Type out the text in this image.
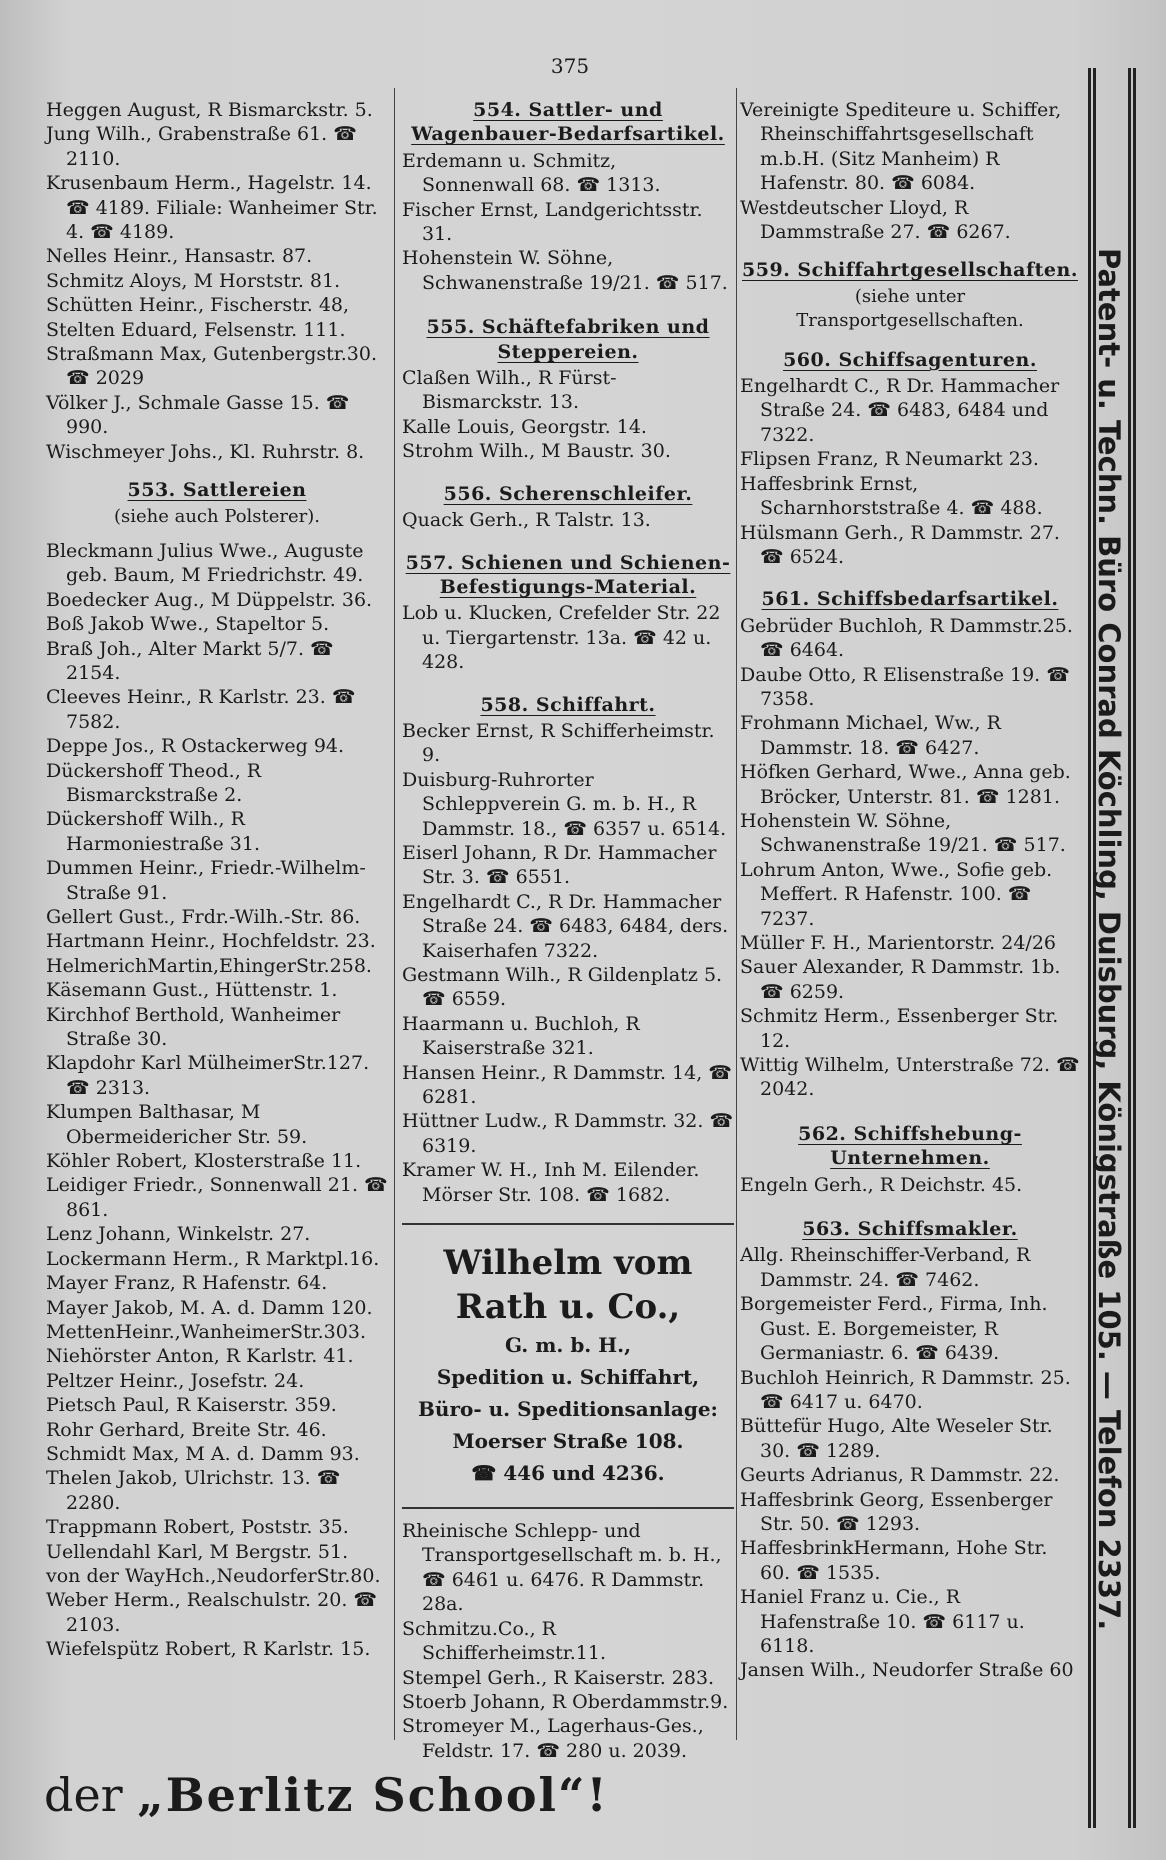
375

Heggen August, R Bismarckstr. 5.

Jung Wilh., Grabenstraße 61. ☎ 2110.

Krusenbaum Herm., Hagelstr. 14. ☎ 4189. Filiale: Wanheimer Str. 4. ☎ 4189.

Nelles Heinr., Hansastr. 87.

Schmitz Aloys, M Horststr. 81.

Schütten Heinr., Fischerstr. 48,

Stelten Eduard, Felsenstr. 111.

Straßmann Max, Gutenbergstr.30. ☎ 2029

Völker J., Schmale Gasse 15. ☎ 990.

Wischmeyer Johs., Kl. Ruhrstr. 8.

553. Sattlereien
(siehe auch Polsterer).

Bleckmann Julius Wwe., Auguste geb. Baum, M Friedrichstr. 49.

Boedecker Aug., M Düppelstr. 36.

Boß Jakob Wwe., Stapeltor 5.

Braß Joh., Alter Markt 5/7. ☎ 2154.

Cleeves Heinr., R Karlstr. 23. ☎ 7582.

Deppe Jos., R Ostackerweg 94.

Dückershoff Theod., R Bismarckstraße 2.

Dückershoff Wilh., R Harmoniestraße 31.

Dummen Heinr., Friedr.-Wilhelm-Straße 91.

Gellert Gust., Frdr.-Wilh.-Str. 86.

Hartmann Heinr., Hochfeldstr. 23.

HelmerichMartin,EhingerStr.258.

Käsemann Gust., Hüttenstr. 1.

Kirchhof Berthold, Wanheimer Straße 30.

Klapdohr Karl MülheimerStr.127. ☎ 2313.

Klumpen Balthasar, M Obermeidericher Str. 59.

Köhler Robert, Klosterstraße 11.

Leidiger Friedr., Sonnenwall 21. ☎ 861.

Lenz Johann, Winkelstr. 27.

Lockermann Herm., R Marktpl.16.

Mayer Franz, R Hafenstr. 64.

Mayer Jakob, M. A. d. Damm 120.

MettenHeinr.,WanheimerStr.303.

Niehörster Anton, R Karlstr. 41.

Peltzer Heinr., Josefstr. 24.

Pietsch Paul, R Kaiserstr. 359.

Rohr Gerhard, Breite Str. 46.

Schmidt Max, M A. d. Damm 93.

Thelen Jakob, Ulrichstr. 13. ☎ 2280.

Trappmann Robert, Poststr. 35.

Uellendahl Karl, M Bergstr. 51.

von der WayHch.,NeudorferStr.80.

Weber Herm., Realschulstr. 20. ☎ 2103.

Wiefelspütz Robert, R Karlstr. 15.

554. Sattler- und Wagenbauer-Bedarfsartikel.

Erdemann u. Schmitz, Sonnenwall 68. ☎ 1313.

Fischer Ernst, Landgerichtsstr. 31.

Hohenstein W. Söhne, Schwanenstraße 19/21. ☎ 517.

555. Schäftefabriken und Steppereien.

Claßen Wilh., R Fürst-Bismarckstr. 13.

Kalle Louis, Georgstr. 14.

Strohm Wilh., M Baustr. 30.

556. Scherenschleifer.

Quack Gerh., R Talstr. 13.

557. Schienen und Schienen-Befestigungs-Material.

Lob u. Klucken, Crefelder Str. 22 u. Tiergartenstr. 13a. ☎ 42 u. 428.

558. Schiffahrt.

Becker Ernst, R Schifferheimstr. 9.

Duisburg-Ruhrorter Schleppverein G. m. b. H., R Dammstr. 18., ☎ 6357 u. 6514.

Eiserl Johann, R Dr. Hammacher Str. 3. ☎ 6551.

Engelhardt C., R Dr. Hammacher Straße 24. ☎ 6483, 6484, ders. Kaiserhafen 7322.

Gestmann Wilh., R Gildenplatz 5. ☎ 6559.

Haarmann u. Buchloh, R Kaiserstraße 321.

Hansen Heinr., R Dammstr. 14, ☎ 6281.

Hüttner Ludw., R Dammstr. 32. ☎ 6319.

Kramer W. H., Inh M. Eilender. Mörser Str. 108. ☎ 1682.

Wilhelm vom Rath u. Co.,
G. m. b. H.,
Spedition u. Schiffahrt,
Büro- u. Speditionsanlage:
Moerser Straße 108.
☎ 446 und 4236.

Rheinische Schlepp- und Transportgesellschaft m. b. H., ☎ 6461 u. 6476. R Dammstr. 28a.

Schmitzu.Co., R Schifferheimstr.11.

Stempel Gerh., R Kaiserstr. 283.

Stoerb Johann, R Oberdammstr.9.

Stromeyer M., Lagerhaus-Ges., Feldstr. 17. ☎ 280 u. 2039.

Vereinigte Spediteure u. Schiffer, Rheinschiffahrtsgesellschaft m.b.H. (Sitz Manheim) R Hafenstr. 80. ☎ 6084.

Westdeutscher Lloyd, R Dammstraße 27. ☎ 6267.

559. Schiffahrtgesellschaften.
(siehe unter Transportgesellschaften.
560. Schiffsagenturen.

Engelhardt C., R Dr. Hammacher Straße 24. ☎ 6483, 6484 und 7322.

Flipsen Franz, R Neumarkt 23.

Haffesbrink Ernst, Scharnhorststraße 4. ☎ 488.

Hülsmann Gerh., R Dammstr. 27. ☎ 6524.

561. Schiffsbedarfsartikel.

Gebrüder Buchloh, R Dammstr.25. ☎ 6464.

Daube Otto, R Elisenstraße 19. ☎ 7358.

Frohmann Michael, Ww., R Dammstr. 18. ☎ 6427.

Höfken Gerhard, Wwe., Anna geb. Bröcker, Unterstr. 81. ☎ 1281.

Hohenstein W. Söhne, Schwanenstraße 19/21. ☎ 517.

Lohrum Anton, Wwe., Sofie geb. Meffert. R Hafenstr. 100. ☎ 7237.

Müller F. H., Marientorstr. 24/26

Sauer Alexander, R Dammstr. 1b. ☎ 6259.

Schmitz Herm., Essenberger Str. 12.

Wittig Wilhelm, Unterstraße 72. ☎ 2042.

562. Schiffshebung-Unternehmen.

Engeln Gerh., R Deichstr. 45.

563. Schiffsmakler.

Allg. Rheinschiffer-Verband, R Dammstr. 24. ☎ 7462.

Borgemeister Ferd., Firma, Inh. Gust. E. Borgemeister, R Germaniastr. 6. ☎ 6439.

Buchloh Heinrich, R Dammstr. 25. ☎ 6417 u. 6470.

Büttefür Hugo, Alte Weseler Str. 30. ☎ 1289.

Geurts Adrianus, R Dammstr. 22.

Haffesbrink Georg, Essenberger Str. 50. ☎ 1293.

HaffesbrinkHermann, Hohe Str. 60. ☎ 1535.

Haniel Franz u. Cie., R Hafenstraße 10. ☎ 6117 u. 6118.

Jansen Wilh., Neudorfer Straße 60

Patent- u. Techn. Büro Conrad Köchling, Duisburg, Königstraße 105. — Telefon 2337.
der „Berlitz School“!
